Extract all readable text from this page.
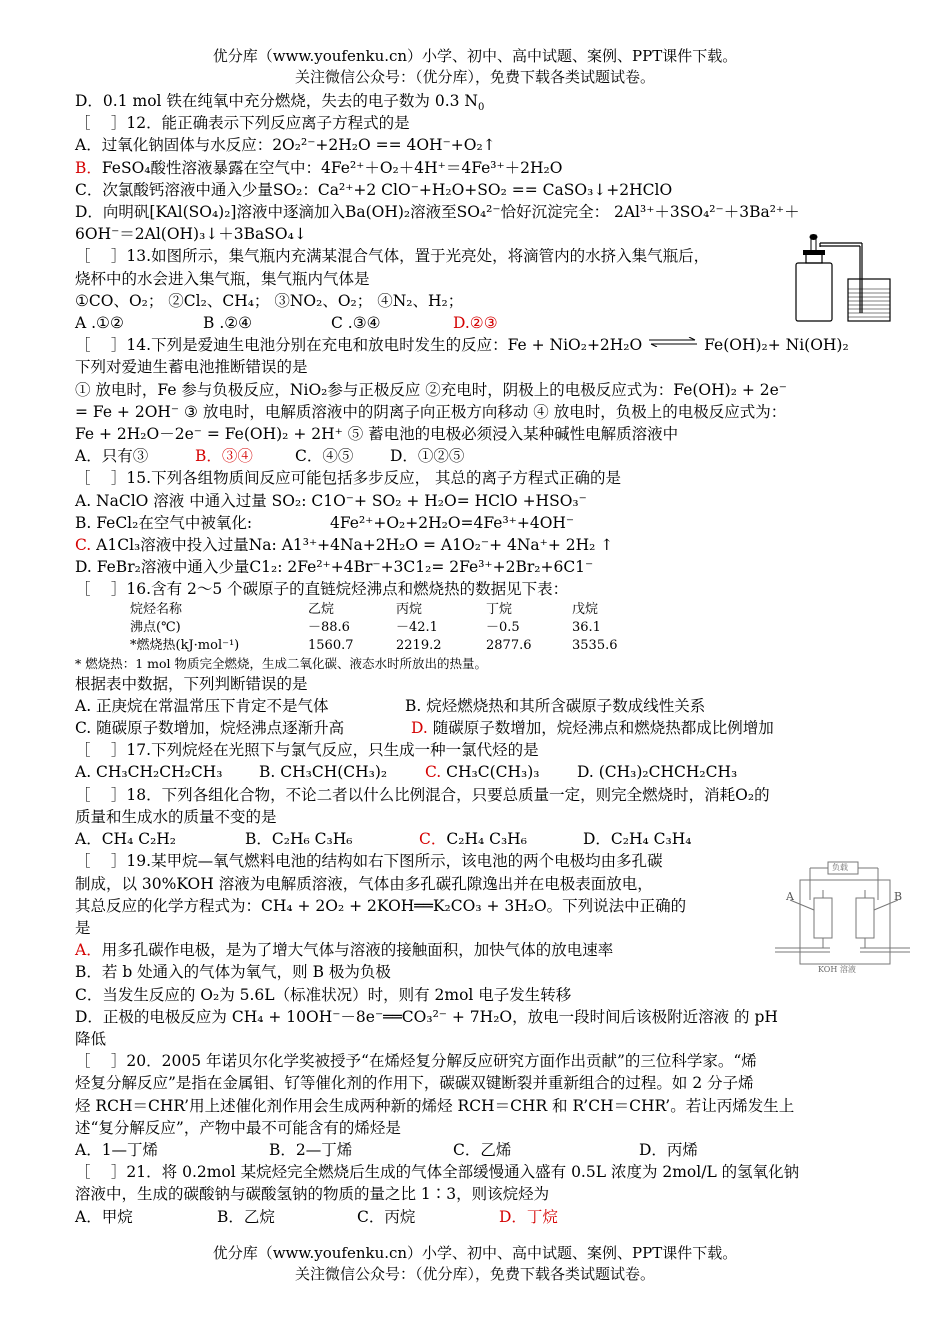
优分库（www.youfenku.cn）小学、初中、高中试题、案例、PPT课件下载。
关注微信公众号：（优分库），免费下载各类试题试卷。

D．0.1 mol 铁在纯氧中充分燃烧，失去的电子数为 0.3 $N_0$

［　 ］12．能正确表示下列反应离子方程式的是

A．过氧化钠固体与水反应：2O₂²⁻+2H₂O == 4OH⁻+O₂↑

B．FeSO₄酸性溶液暴露在空气中：4Fe²⁺＋O₂＋4H⁺＝4Fe³⁺＋2H₂O

C．次氯酸钙溶液中通入少量SO₂：Ca²⁺+2 ClO⁻+H₂O+SO₂ == CaSO₃↓+2HClO

D．向明矾[KAl(SO₄)₂]溶液中逐滴加入Ba(OH)₂溶液至SO₄²⁻恰好沉淀完全： 2Al³⁺＋3SO₄²⁻＋3Ba²⁺＋

6OH⁻＝2Al(OH)₃↓＋3BaSO₄↓

［　 ］13.如图所示，集气瓶内充满某混合气体，置于光亮处，将滴管内的水挤入集气瓶后，

烧杯中的水会进入集气瓶，集气瓶内气体是

①CO、O₂； ②Cl₂、CH₄； ③NO₂、O₂； ④N₂、H₂；

A .①②	B .②④	C .③④	D.②③

［　 ］14.下列是爱迪生电池分别在充电和放电时发生的反应：Fe + NiO₂+2H₂O ⇌ Fe(OH)₂+ Ni(OH)₂

下列对爱迪生蓄电池推断错误的是

① 放电时，Fe 参与负极反应，NiO₂参与正极反应 ②充电时，阴极上的电极反应式为：Fe(OH)₂ + 2e⁻

= Fe + 2OH⁻ ③ 放电时，电解质溶液中的阴离子向正极方向移动 ④ 放电时，负极上的电极反应式为：

Fe + 2H₂O－2e⁻ = Fe(OH)₂ + 2H⁺ ⑤ 蓄电池的电极必须浸入某种碱性电解质溶液中

A．只有③	B．③④	C．④⑤ D．①②⑤

［　 ］15.下列各组物质间反应可能包括多步反应， 其总的离子方程式正确的是

A. NaClO 溶液 中通入过量 SO₂: C1O⁻+ SO₂ + H₂O= HClO +HSO₃⁻

B. FeCl₂在空气中被氧化:	4Fe²⁺+O₂+2H₂O=4Fe³⁺+4OH⁻

C. A1Cl₃溶液中投入过量Na: A1³⁺+4Na+2H₂O = A1O₂⁻+ 4Na⁺+ 2H₂ ↑

D. FeBr₂溶液中通入少量C1₂: 2Fe²⁺+4Br⁻+3C1₂= 2Fe³⁺+2Br₂+6C1⁻

［　 ］16.含有 2～5 个碳原子的直链烷烃沸点和燃烧热的数据见下表：

烷烃名称	乙烷	丙烷	丁烷	戊烷
沸点(℃)	－88.6	－42.1	－0.5	36.1
*燃烧热(kJ·mol⁻¹)	1560.7	2219.2	2877.6	3535.6

* 燃烧热：1 mol 物质完全燃烧，生成二氧化碳、液态水时所放出的热量。

根据表中数据，下列判断错误的是

A. 正庚烷在常温常压下肯定不是气体	B. 烷烃燃烧热和其所含碳原子数成线性关系

C. 随碳原子数增加，烷烃沸点逐渐升高	D. 随碳原子数增加，烷烃沸点和燃烧热都成比例增加

［　 ］17.下列烷烃在光照下与氯气反应，只生成一种一氯代烃的是

A. CH₃CH₂CH₂CH₃ B. CH₃CH(CH₃)₂ C. CH₃C(CH₃)₃ D. (CH₃)₂CHCH₂CH₃

［　 ］18．下列各组化合物，不论二者以什么比例混合，只要总质量一定，则完全燃烧时，消耗O₂的

质量和生成水的质量不变的是

A．CH₄ C₂H₂	B．C₂H₆ C₃H₆	C．C₂H₄ C₃H₆	D．C₂H₄ C₃H₄

［　 ］19.某甲烷—氧气燃料电池的结构如右下图所示，该电池的两个电极均由多孔碳

制成，以 30%KOH 溶液为电解质溶液，气体由多孔碳孔隙逸出并在电极表面放电，

其总反应的化学方程式为：CH₄ + 2O₂ + 2KOH══K₂CO₃ + 3H₂O。下列说法中正确的

是

A．用多孔碳作电极，是为了增大气体与溶液的接触面积，加快气体的放电速率

B．若 b 处通入的气体为氧气，则 B 极为负极

C．当发生反应的 O₂为 5.6L（标准状况）时，则有 2mol 电子发生转移

D．正极的电极反应为 CH₄ + 10OH⁻－8e⁻══CO₃²⁻ + 7H₂O，放电一段时间后该极附近溶液 的 pH

降低

［　 ］20．2005 年诺贝尔化学奖被授予“在烯烃复分解反应研究方面作出贡献”的三位科学家。“烯

烃复分解反应”是指在金属钼、钌等催化剂的作用下，碳碳双键断裂并重新组合的过程。如 2 分子烯

烃 RCH＝CHR’用上述催化剂作用会生成两种新的烯烃 RCH＝CHR 和 R’CH＝CHR’。若让丙烯发生上

述“复分解反应”，产物中最不可能含有的烯烃是

A．1—丁烯	B．2—丁烯	C．乙烯	D．丙烯

［　 ］21．将 0.2mol 某烷烃完全燃烧后生成的气体全部缓慢通入盛有 0.5L 浓度为 2mol/L 的氢氧化钠

溶液中，生成的碳酸钠与碳酸氢钠的物质的量之比 1∶3，则该烷烃为

A．甲烷	B．乙烷	C．丙烷	D．丁烷

负载
A	B
KOH 溶液
优分库（www.youfenku.cn）小学、初中、高中试题、案例、PPT课件下载。
关注微信公众号：（优分库），免费下载各类试题试卷。
